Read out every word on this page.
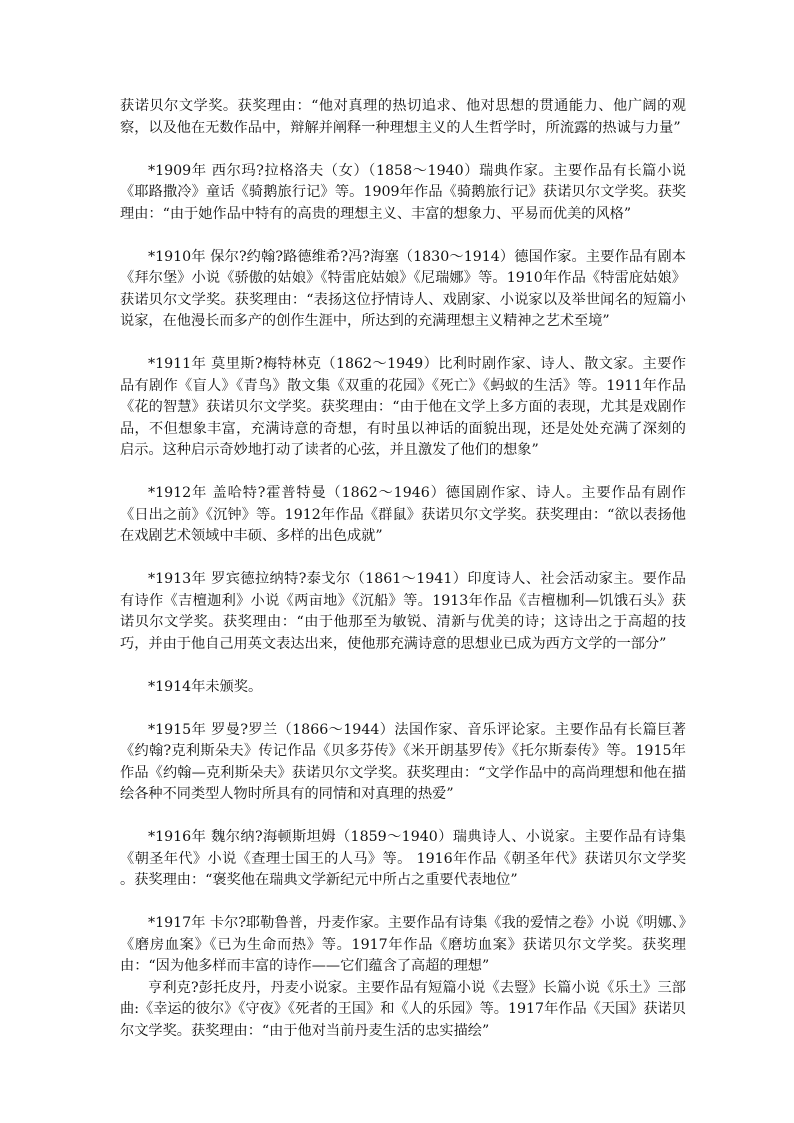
获诺贝尔文学奖。获奖理由：“他对真理的热切追求、他对思想的贯通能力、他广阔的观察，以及他在无数作品中，辩解并阐释一种理想主义的人生哲学时，所流露的热诚与力量”

*1909年 西尔玛?拉格洛夫（女）（1858～1940）瑞典作家。主要作品有长篇小说《耶路撒冷》童话《骑鹅旅行记》等。1909年作品《骑鹅旅行记》获诺贝尔文学奖。获奖理由：“由于她作品中特有的高贵的理想主义、丰富的想象力、平易而优美的风格”

*1910年 保尔?约翰?路德维希?冯?海塞（1830～1914）德国作家。主要作品有剧本《拜尔堡》小说《骄傲的姑娘》《特雷庇姑娘》《尼瑞娜》等。1910年作品《特雷庇姑娘》获诺贝尔文学奖。获奖理由：“表扬这位抒情诗人、戏剧家、小说家以及举世闻名的短篇小说家，在他漫长而多产的创作生涯中，所达到的充满理想主义精神之艺术至境”

*1911年 莫里斯?梅特林克（1862～1949）比利时剧作家、诗人、散文家。主要作品有剧作《盲人》《青鸟》散文集《双重的花园》《死亡》《蚂蚁的生活》等。1911年作品《花的智慧》获诺贝尔文学奖。获奖理由：“由于他在文学上多方面的表现，尤其是戏剧作品，不但想象丰富，充满诗意的奇想，有时虽以神话的面貌出现，还是处处充满了深刻的启示。这种启示奇妙地打动了读者的心弦，并且激发了他们的想象”

*1912年 盖哈特?霍普特曼（1862～1946）德国剧作家、诗人。主要作品有剧作《日出之前》《沉钟》等。1912年作品《群鼠》获诺贝尔文学奖。获奖理由：“欲以表扬他在戏剧艺术领域中丰硕、多样的出色成就”

*1913年 罗宾德拉纳特?泰戈尔（1861～1941）印度诗人、社会活动家主。要作品有诗作《吉檀迦利》小说《两亩地》《沉船》等。1913年作品《吉檀枷利—饥饿石头》获诺贝尔文学奖。获奖理由：“由于他那至为敏锐、清新与优美的诗；这诗出之于高超的技巧，并由于他自己用英文表达出来，使他那充满诗意的思想业已成为西方文学的一部分”

*1914年未颁奖。

*1915年 罗曼?罗兰（1866～1944）法国作家、音乐评论家。主要作品有长篇巨著《约翰?克利斯朵夫》传记作品《贝多芬传》《米开朗基罗传》《托尔斯泰传》等。1915年作品《约翰—克利斯朵夫》获诺贝尔文学奖。获奖理由：“文学作品中的高尚理想和他在描绘各种不同类型人物时所具有的同情和对真理的热爱”

*1916年 魏尔纳?海顿斯坦姆（1859～1940）瑞典诗人、小说家。主要作品有诗集《朝圣年代》小说《查理士国王的人马》等。 1916年作品《朝圣年代》获诺贝尔文学奖 。获奖理由：“褒奖他在瑞典文学新纪元中所占之重要代表地位”

*1917年 卡尔?耶勒鲁普，丹麦作家。主要作品有诗集《我的爱情之卷》小说《明娜、》《磨房血案》《已为生命而热》等。1917年作品《磨坊血案》获诺贝尔文学奖。获奖理由：“因为他多样而丰富的诗作——它们蕴含了高超的理想”

亨利克?彭托皮丹，丹麦小说家。主要作品有短篇小说《去豎》长篇小说《乐土》三部曲:《幸运的彼尔》《守夜》《死者的王国》和《人的乐园》等。1917年作品《天国》获诺贝尔文学奖。获奖理由：“由于他对当前丹麦生活的忠实描绘”
